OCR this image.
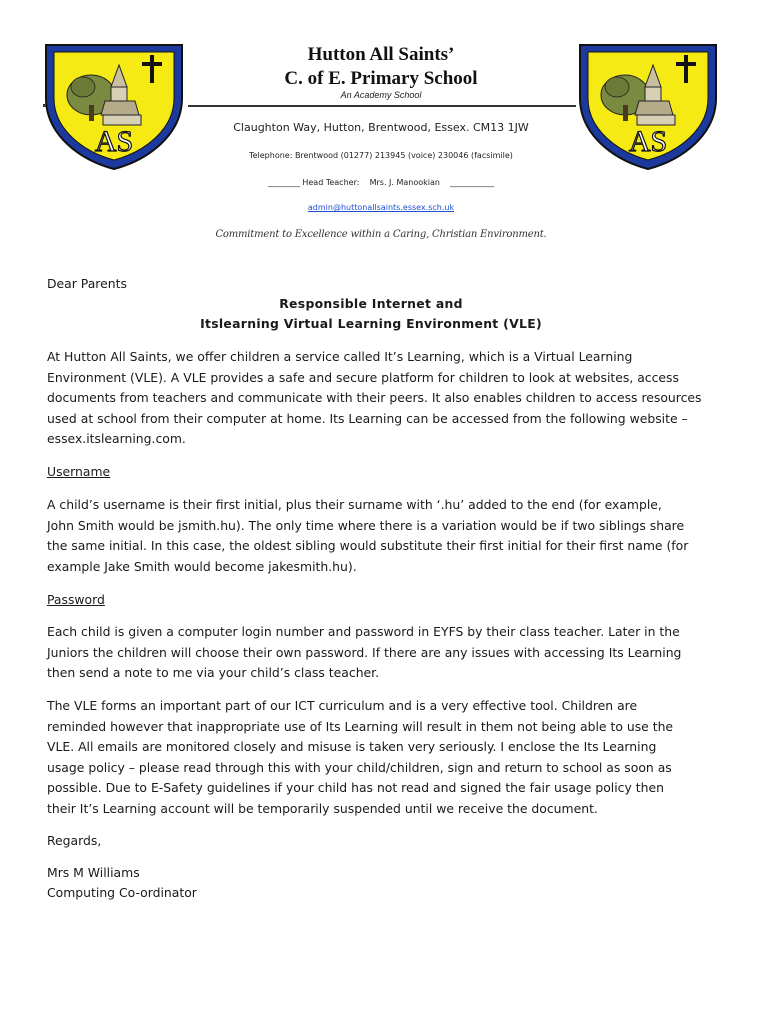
AS	AS
Hutton All Saints’
C. of E. Primary School
An Academy School
Claughton Way, Hutton, Brentwood, Essex. CM13 1JW
Telephone: Brentwood (01277) 213945 (voice) 230046 (facsimile)
________ Head Teacher:    Mrs. J. Manookian    ___________
admin@huttonallsaints.essex.sch.uk
Commitment to Excellence within a Caring, Christian Environment.
Dear Parents
Responsible Internet and
Itslearning Virtual Learning Environment (VLE)
At Hutton All Saints, we offer children a service called It’s Learning, which is a Virtual Learning
Environment (VLE). A VLE provides a safe and secure platform for children to look at websites, access
documents from teachers and communicate with their peers. It also enables children to access resources
used at school from their computer at home. Its Learning can be accessed from the following website –
essex.itslearning.com.
Username
A child’s username is their first initial, plus their surname with ‘.hu’ added to the end (for example,
John Smith would be jsmith.hu). The only time where there is a variation would be if two siblings share
the same initial. In this case, the oldest sibling would substitute their first initial for their first name (for
example Jake Smith would become jakesmith.hu).
Password
Each child is given a computer login number and password in EYFS by their class teacher. Later in the
Juniors the children will choose their own password. If there are any issues with accessing Its Learning
then send a note to me via your child’s class teacher.
The VLE forms an important part of our ICT curriculum and is a very effective tool. Children are
reminded however that inappropriate use of Its Learning will result in them not being able to use the
VLE. All emails are monitored closely and misuse is taken very seriously. I enclose the Its Learning
usage policy – please read through this with your child/children, sign and return to school as soon as
possible. Due to E-Safety guidelines if your child has not read and signed the fair usage policy then
their It’s Learning account will be temporarily suspended until we receive the document.
Regards,
Mrs M Williams
Computing Co-ordinator
